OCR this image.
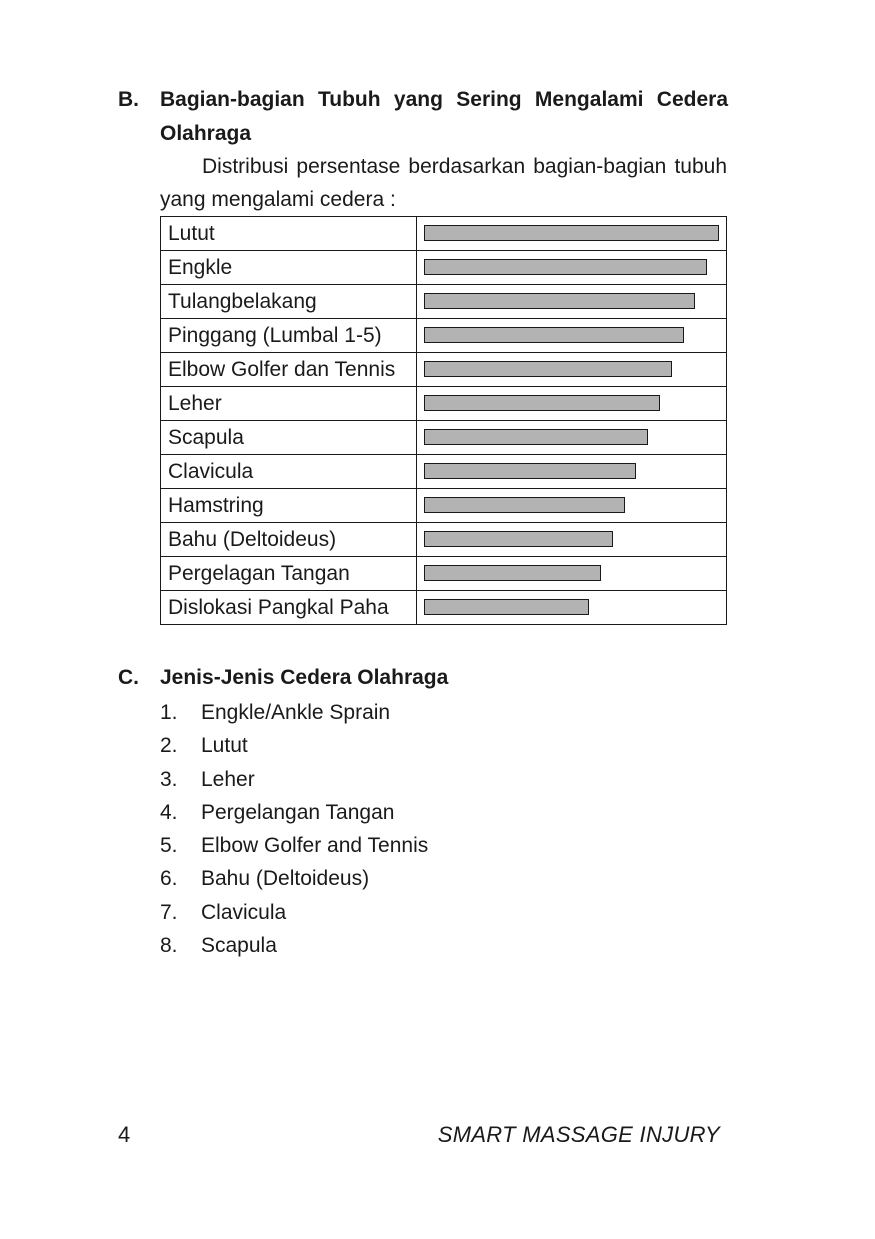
B. Bagian-bagian Tubuh yang Sering Mengalami Cedera Olahraga
Distribusi persentase berdasarkan bagian-bagian tubuh yang mengalami cedera :
Lutut	

Engkle	

Tulangbelakang	

Pinggang (Lumbal 1-5)	

Elbow Golfer dan Tennis	

Leher	

Scapula	

Clavicula	

Hamstring	

Bahu (Deltoideus)	

Pergelagan Tangan	

Dislokasi Pangkal Paha	
C. Jenis-Jenis Cedera Olahraga
1. Engkle/Ankle Sprain
2. Lutut
3. Leher
4. Pergelangan Tangan
5. Elbow Golfer and Tennis
6. Bahu (Deltoideus)
7. Clavicula
8. Scapula
4	SMART MASSAGE INJURY
